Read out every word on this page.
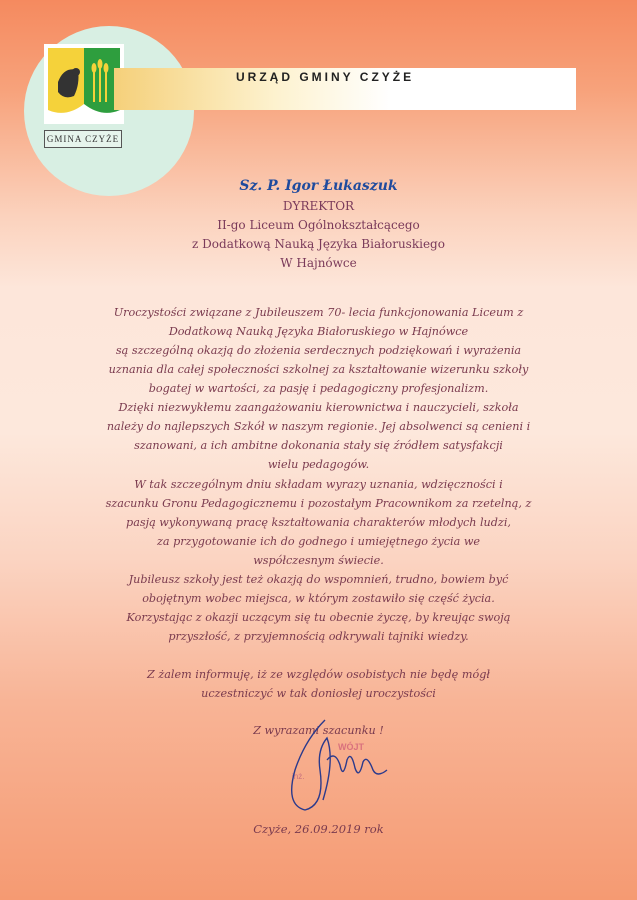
GMINA CZYŻE
URZĄD GMINY CZYŻE
Sz. P. Igor Łukaszuk
DYREKTOR
II-go Liceum Ogólnokształcącego
z Dodatkową Nauką Języka Białoruskiego
W Hajnówce
Uroczystości związane z Jubileuszem 70- lecia funkcjonowania Liceum z
Dodatkową Nauką Języka Białoruskiego w Hajnówce
są szczególną okazją do złożenia serdecznych podziękowań i wyrażenia
uznania dla całej społeczności szkolnej za kształtowanie wizerunku szkoły
bogatej w wartości, za pasję i pedagogiczny profesjonalizm.
Dzięki niezwykłemu zaangażowaniu kierownictwa i nauczycieli, szkoła
należy do najlepszych Szkół w naszym regionie. Jej absolwenci są cenieni i
szanowani, a ich ambitne dokonania stały się źródłem satysfakcji
wielu pedagogów.
W tak szczególnym dniu składam wyrazy uznania, wdzięczności i
szacunku Gronu Pedagogicznemu i pozostałym Pracownikom za rzetelną, z
pasją wykonywaną pracę kształtowania charakterów młodych ludzi,
za przygotowanie ich do godnego i umiejętnego życia we
współczesnym świecie.
Jubileusz szkoły jest też okazją do wspomnień, trudno, bowiem być
obojętnym wobec miejsca, w którym zostawiło się część życia.
Korzystając z okazji uczącym się tu obecnie życzę, by kreując swoją
przyszłość, z przyjemnością odkrywali tajniki wiedzy.
Z żalem informuję, iż ze względów osobistych nie będę mógł
uczestniczyć w tak doniosłej uroczystości
Z wyrazami szacunku !
WÓJT
inż.
Czyże, 26.09.2019 rok
